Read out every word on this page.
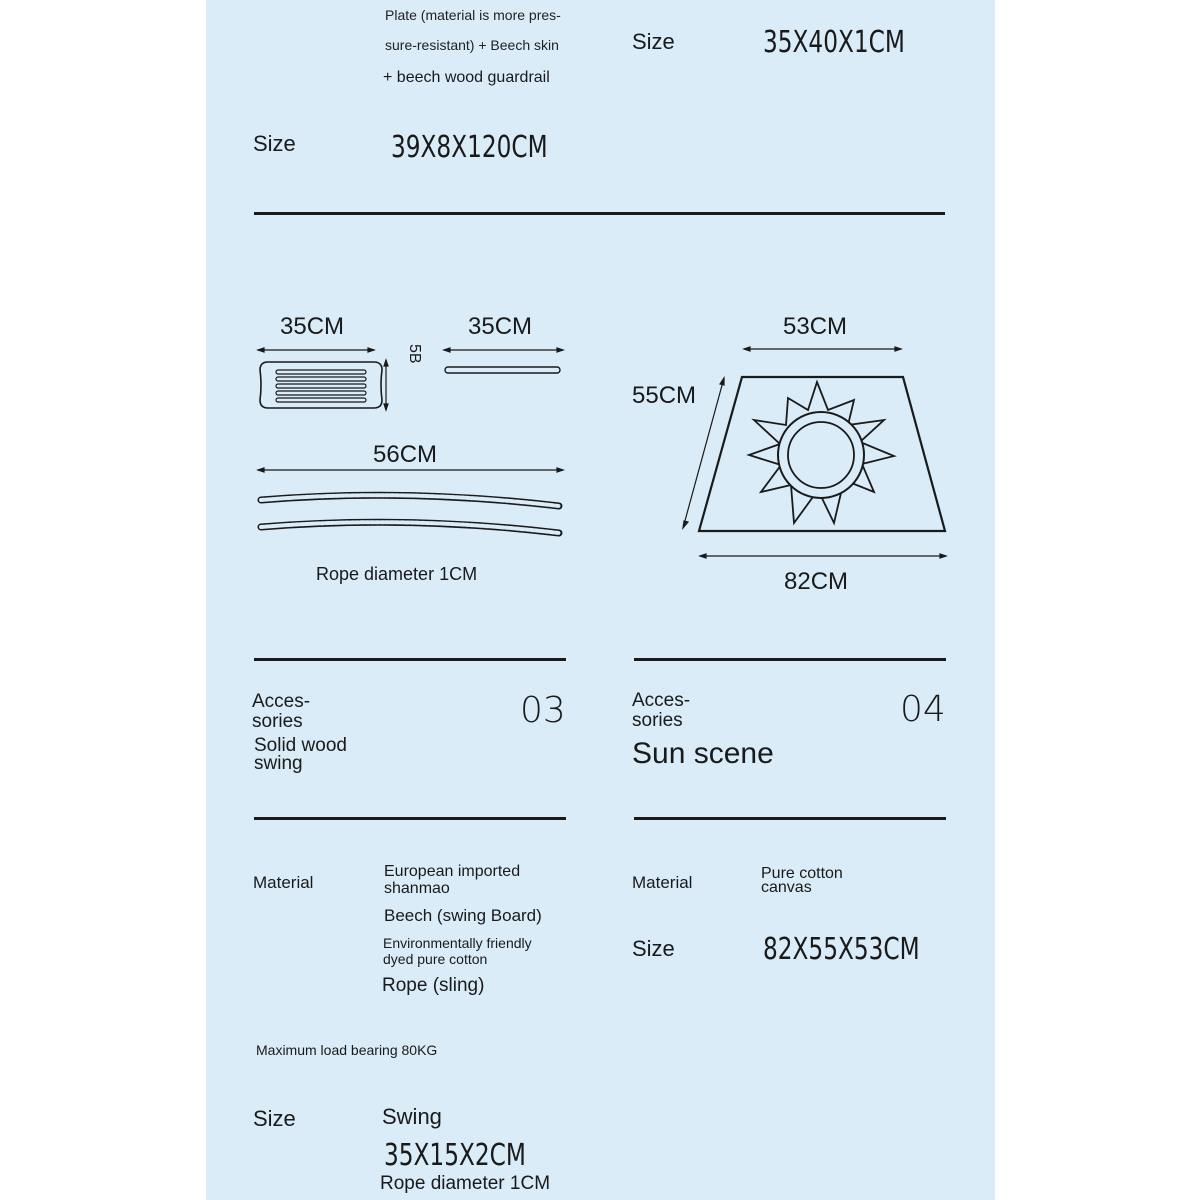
Plate (material is more pres-
sure-resistant) + Beech skin
+ beech wood guardrail
Size	35X40X1CM
Size	39X8X120CM
35CM	35CM
5B
56CM
Rope diameter 1CM
53CM
55CM
82CM
Acces-
sories	03
Solid wood
swing
Material
European imported
shanmao
Beech (swing Board)
Environmentally friendly
dyed pure cotton
Rope (sling)
Maximum load bearing 80KG
Size	Swing
35X15X2CM
Rope diameter 1CM
Acces-
sories	04
Sun scene
Material	Pure cotton
canvas
Size	82X55X53CM
